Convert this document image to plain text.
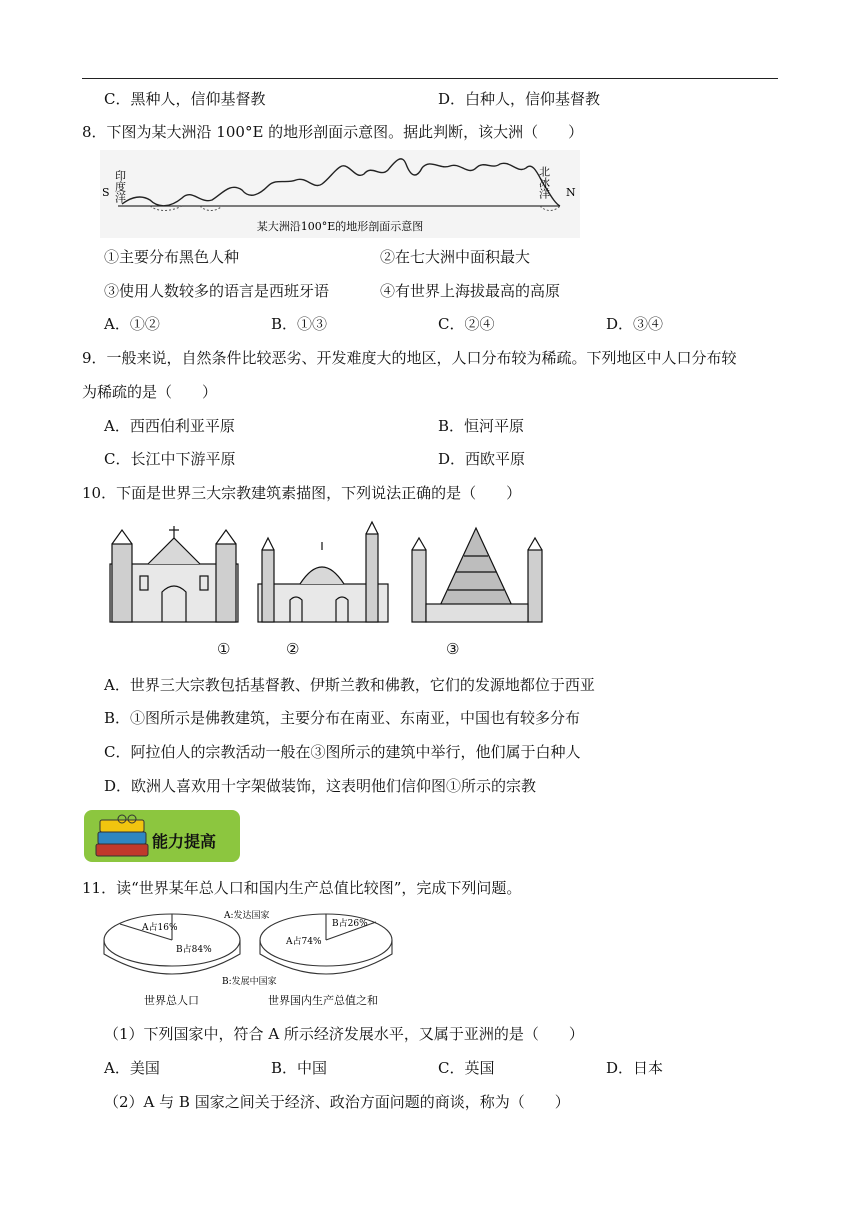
C．黑种人，信仰基督教	D．白种人，信仰基督教
8．下图为某大洲沿 100°E 的地形剖面示意图。据此判断，该大洲（　　）
S	N
印度洋	北冰洋
某大洲沿100°E的地形剖面示意图
①主要分布黑色人种	②在七大洲中面积最大
③使用人数较多的语言是西班牙语	④有世界上海拔最高的高原
A．①②	B．①③	C．②④	D．③④
9．一般来说，自然条件比较恶劣、开发难度大的地区，人口分布较为稀疏。下列地区中人口分布较
为稀疏的是（　　）
A．西西伯利亚平原	B．恒河平原
C．长江中下游平原	D．西欧平原
10．下面是世界三大宗教建筑素描图，下列说法正确的是（　　）
①	②	③
A．世界三大宗教包括基督教、伊斯兰教和佛教，它们的发源地都位于西亚
B．①图所示是佛教建筑，主要分布在南亚、东南亚，中国也有较多分布
C．阿拉伯人的宗教活动一般在③图所示的建筑中举行，他们属于白种人
D．欧洲人喜欢用十字架做装饰，这表明他们信仰图①所示的宗教
能力提高
11．读“世界某年总人口和国内生产总值比较图”，完成下列问题。
A占16%
B占84%
A占74%
B占26%
A:发达国家
B:发展中国家
世界总人口	世界国内生产总值之和
（1）下列国家中，符合 A 所示经济发展水平，又属于亚洲的是（　　）
A．美国	B．中国	C．英国	D．日本
（2）A 与 B 国家之间关于经济、政治方面问题的商谈，称为（　　）
